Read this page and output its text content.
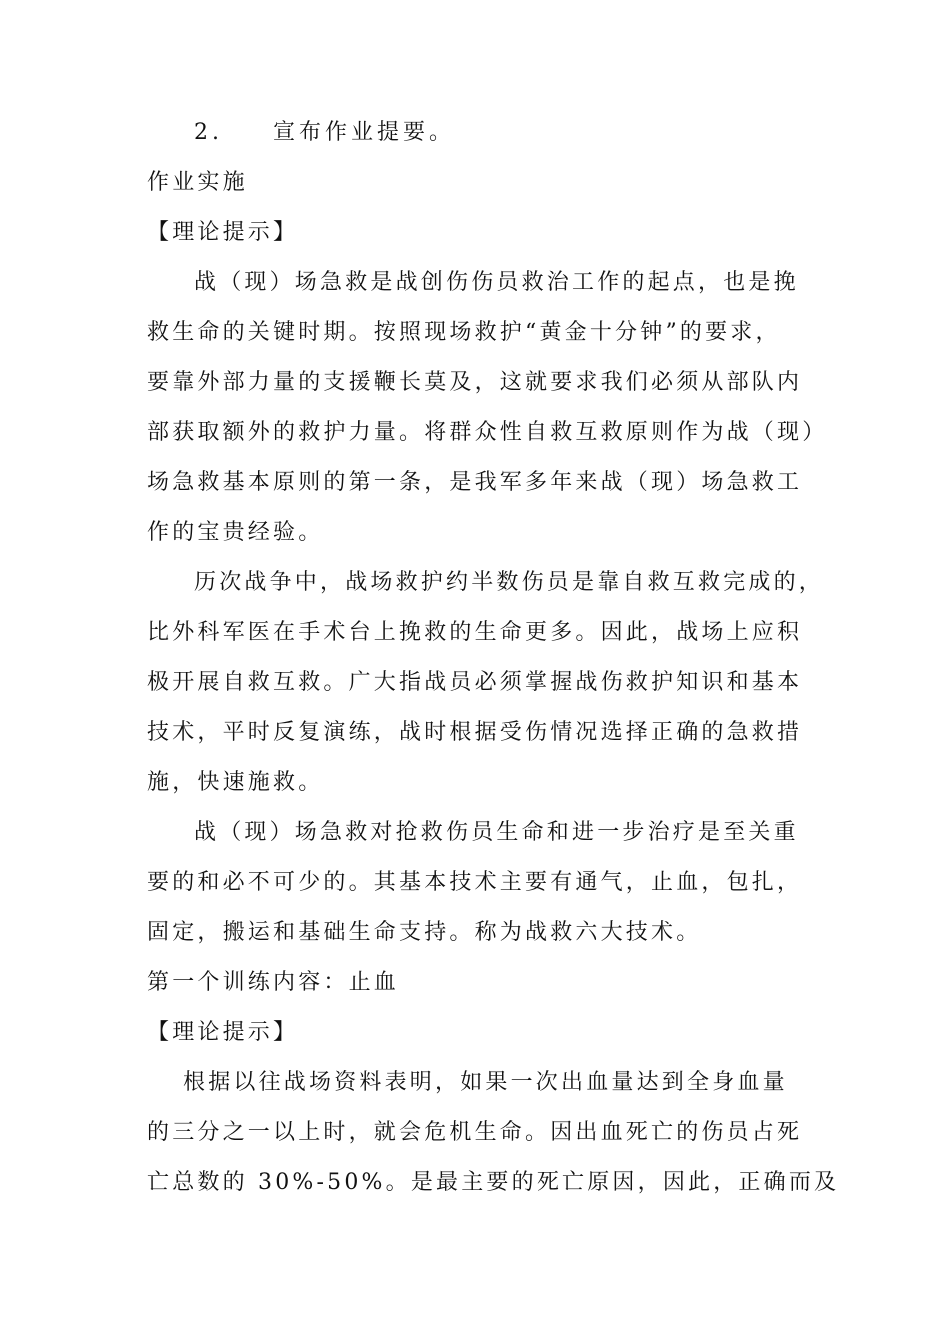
2. 宣布作业提要。
作业实施
【理论提示】
战（现）场急救是战创伤伤员救治工作的起点，也是挽
救生命的关键时期。按照现场救护“黄金十分钟”的要求，
要靠外部力量的支援鞭长莫及，这就要求我们必须从部队内
部获取额外的救护力量。将群众性自救互救原则作为战（现）
场急救基本原则的第一条，是我军多年来战（现）场急救工
作的宝贵经验。
历次战争中，战场救护约半数伤员是靠自救互救完成的，
比外科军医在手术台上挽救的生命更多。因此，战场上应积
极开展自救互救。广大指战员必须掌握战伤救护知识和基本
技术，平时反复演练，战时根据受伤情况选择正确的急救措
施，快速施救。
战（现）场急救对抢救伤员生命和进一步治疗是至关重
要的和必不可少的。其基本技术主要有通气，止血，包扎，
固定，搬运和基础生命支持。称为战救六大技术。
第一个训练内容：止血
【理论提示】
根据以往战场资料表明，如果一次出血量达到全身血量
的三分之一以上时，就会危机生命。因出血死亡的伤员占死
亡总数的 30%-50%。是最主要的死亡原因，因此，正确而及
